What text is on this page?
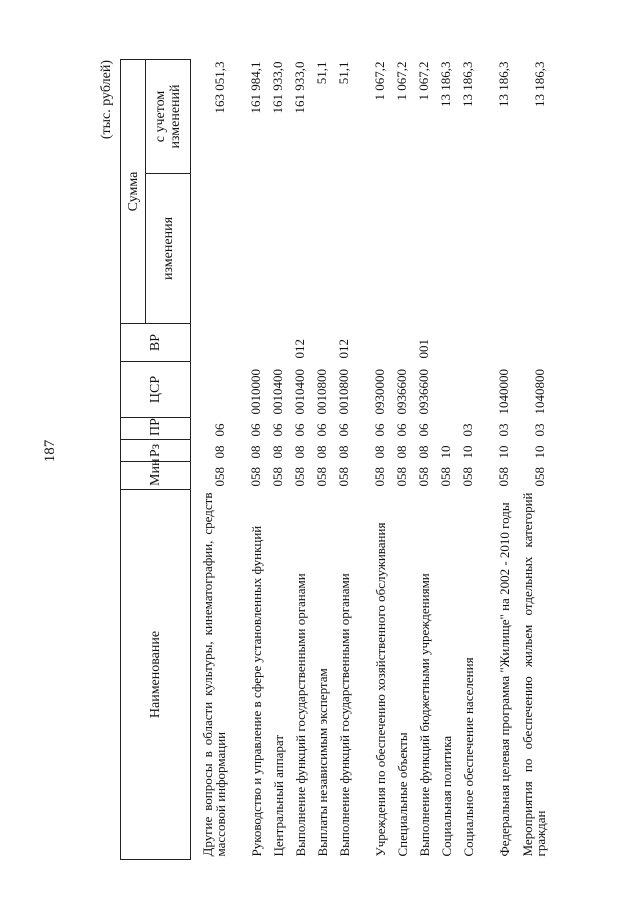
187
(тыс. рублей)
Наименование	Мин	Рз	ПР	ЦСР	ВР	Сумма	
						изменения	с учетом изменений
Другие вопросы в области культуры, кинематографии, средств массовой информации	058	08	06				163 051,3
Руководство и управление в сфере установленных функций	058	08	06	0010000			161 984,1
Центральный аппарат	058	08	06	0010400			161 933,0
Выполнение функций государственными органами	058	08	06	0010400	012		161 933,0
Выплаты независимым экспертам	058	08	06	0010800			51,1
Выполнение функций государственными органами	058	08	06	0010800	012		51,1
Учреждения по обеспечению хозяйственного обслуживания	058	08	06	0930000			1 067,2
Специальные объекты	058	08	06	0936600			1 067,2
Выполнение функций бюджетными учреждениями	058	08	06	0936600	001		1 067,2
Социальная политика	058	10					13 186,3
Социальное обеспечение населения	058	10	03				13 186,3
Федеральная целевая программа "Жилище" на 2002 - 2010 годы	058	10	03	1040000			13 186,3
Мероприятия по обеспечению жильем отдельных категорий граждан	058	10	03	1040800			13 186,3
